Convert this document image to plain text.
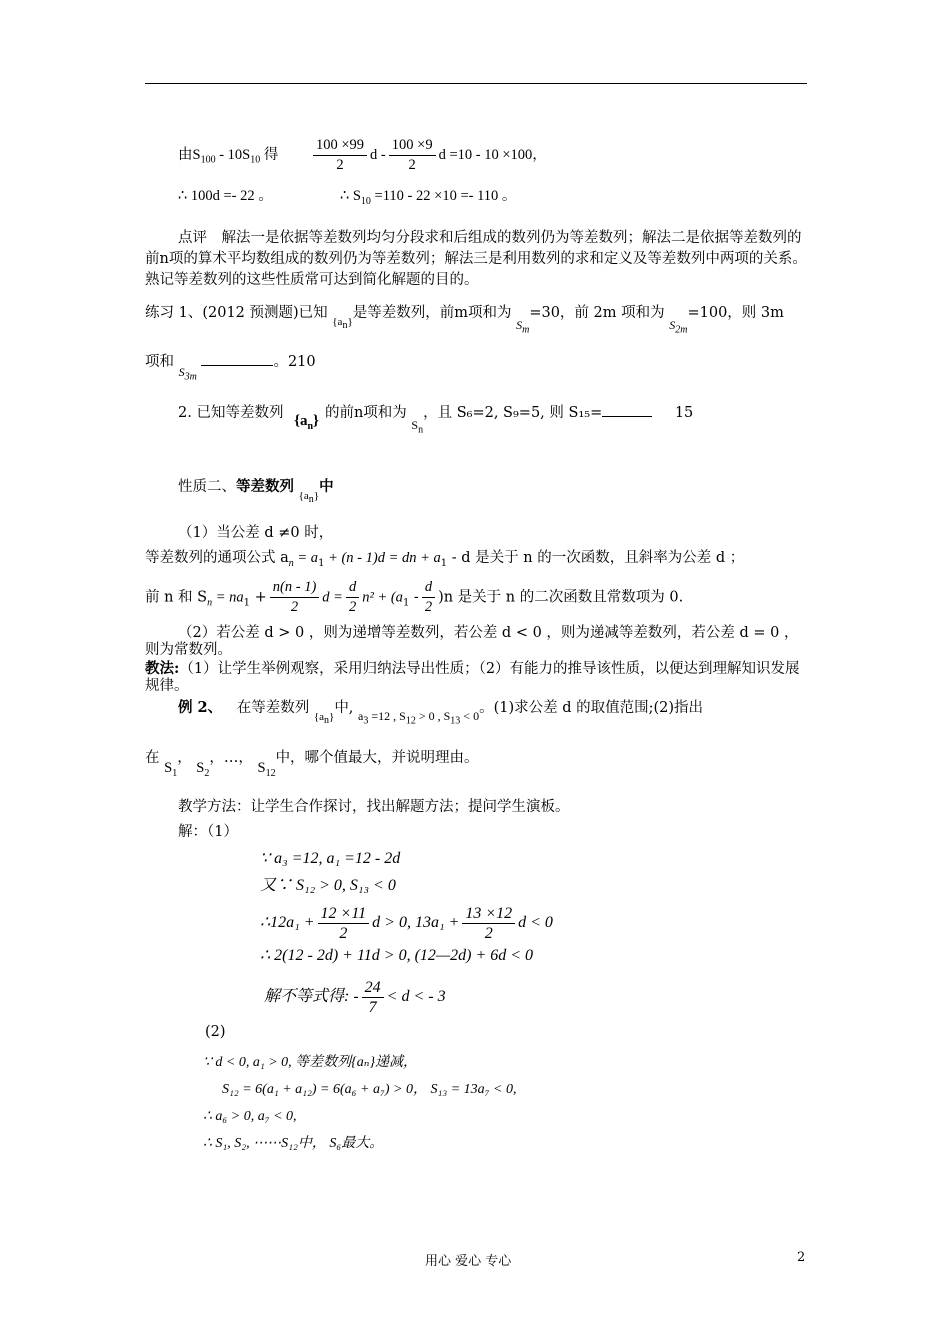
由$S_{100} - 10S_{10}$ 得 $\frac{100 \times 99}{2}$ d - $\frac{100 \times 9}{2}$ d =10 - 10 ×100，
∴ 100d =- 22 。	∴ $S_{10} =110 - 22 \times 10 =- 110$ 。
点评　解法一是依据等差数列均匀分段求和后组成的数列仍为等差数列；解法二是依据等差数列的前n项的算术平均数组成的数列仍为等差数列；解法三是利用数列的求和定义及等差数列中两项的关系。熟记等差数列的这些性质常可达到简化解题的目的。
练习 1、(2012 预测题)已知 $_{\{a_n\}}$是等差数列，前m项和为 $_{S_m}$=30，前 2m 项和为 $_{S_{2m}}$=100，则 3m
项和 $_{S_{3m}}$ 。210
2. 已知等差数列 $\{a_n\}$ 的前n项和为 $_{S_n}$，且 S₆=2, S₉=5, 则 S₁₅=	15
性质二、等差数列 $_{\{a_n\}}$中
（1）当公差 d ≠0 时，
等差数列的通项公式 $a_n = a_1 + (n - 1)d$ = dn + $a_1$ - d 是关于 n 的一次函数，且斜率为公差 d ；
前 n 和 $S_n = na_1 + \frac{n(n - 1)}{2}$ $d = \frac{d}{2} n^2 + (a_1 - \frac{d}{2} )n$ 是关于 n 的二次函数且常数项为 0.
（2）若公差 d > 0 ，则为递增等差数列，若公差 d < 0 ，则为递减等差数列，若公差 d = 0 ，则为常数列。
教法:（1）让学生举例观察，采用归纳法导出性质；（2）有能力的推导该性质，以便达到理解知识发展规律。
例 2、 在等差数列 $_{\{a_n\}}$中, $_{a_3 =12 , S_{12} > 0 , S_{13} < 0}$。(1)求公差 d 的取值范围;(2)指出
在 $S_1$， $S_2$，…， $S_{12}$中，哪个值最大，并说明理由。
教学方法：让学生合作探讨，找出解题方法；提问学生演板。
解：（1）
∵ a₃ =12, a₁ =12 - 2d
又∵ S₁₂ > 0, S₁₃ < 0
∴12a₁ + $\frac{12 \times 11}{2}$ d > 0, $13a_1 + \frac{13 \times 12}{2}$ d < 0
∴ 2(12 - 2d) + 11d > 0, (12—2d) + 6d < 0
解不等式得: - $\frac{24}{7} < d$ < - 3
(2)
∵ d < 0, a₁ > 0, 等差数列{aₙ}递减，
S₁₂ = 6(a₁ + a₁₂) = 6(a₆ + a₇) > 0， S₁₃ = 13a₇ < 0,
∴ a₆ > 0, a₇ < 0,
∴ S₁, S₂, ⋯⋯S₁₂中， S₆最大。
用心 爱心 专心	2
